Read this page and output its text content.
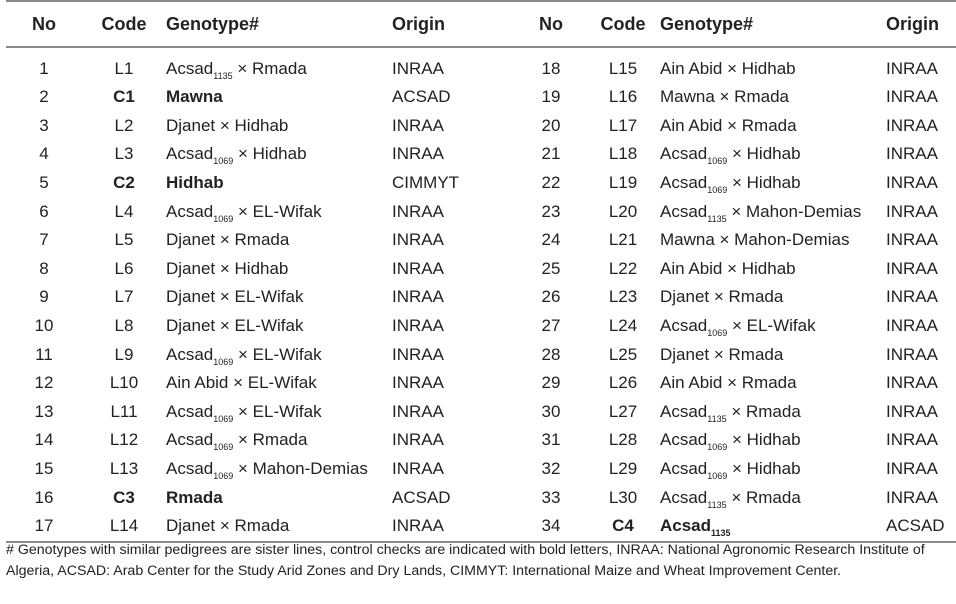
No	Code	Genotype#	Origin	No	Code	Genotype#	Origin
1	L1	Acsad$_{1135}$ × Rmada	INRAA	18	L15	Ain Abid × Hidhab	INRAA
2	C1	Mawna	ACSAD	19	L16	Mawna × Rmada	INRAA
3	L2	Djanet × Hidhab	INRAA	20	L17	Ain Abid × Rmada	INRAA
4	L3	Acsad$_{1069}$ × Hidhab	INRAA	21	L18	Acsad$_{1069}$ × Hidhab	INRAA
5	C2	Hidhab	CIMMYT	22	L19	Acsad$_{1069}$ × Hidhab	INRAA
6	L4	Acsad$_{1069}$ × EL-Wifak	INRAA	23	L20	Acsad$_{1135}$ × Mahon-Demias	INRAA
7	L5	Djanet × Rmada	INRAA	24	L21	Mawna × Mahon-Demias	INRAA
8	L6	Djanet × Hidhab	INRAA	25	L22	Ain Abid × Hidhab	INRAA
9	L7	Djanet × EL-Wifak	INRAA	26	L23	Djanet × Rmada	INRAA
10	L8	Djanet × EL-Wifak	INRAA	27	L24	Acsad$_{1069}$ × EL-Wifak	INRAA
11	L9	Acsad$_{1069}$ × EL-Wifak	INRAA	28	L25	Djanet × Rmada	INRAA
12	L10	Ain Abid × EL-Wifak	INRAA	29	L26	Ain Abid × Rmada	INRAA
13	L11	Acsad$_{1069}$ × EL-Wifak	INRAA	30	L27	Acsad$_{1135}$ × Rmada	INRAA
14	L12	Acsad$_{1069}$ × Rmada	INRAA	31	L28	Acsad$_{1069}$ × Hidhab	INRAA
15	L13	Acsad$_{1069}$ × Mahon-Demias	INRAA	32	L29	Acsad$_{1069}$ × Hidhab	INRAA
16	C3	Rmada	ACSAD	33	L30	Acsad$_{1135}$ × Rmada	INRAA
17	L14	Djanet × Rmada	INRAA	34	C4	Acsad$_{1135}$	ACSAD
# Genotypes with similar pedigrees are sister lines, control checks are indicated with bold letters, INRAA: National Agronomic Research Institute of Algeria, ACSAD: Arab Center for the Study Arid Zones and Dry Lands, CIMMYT: International Maize and Wheat Improvement Center.
